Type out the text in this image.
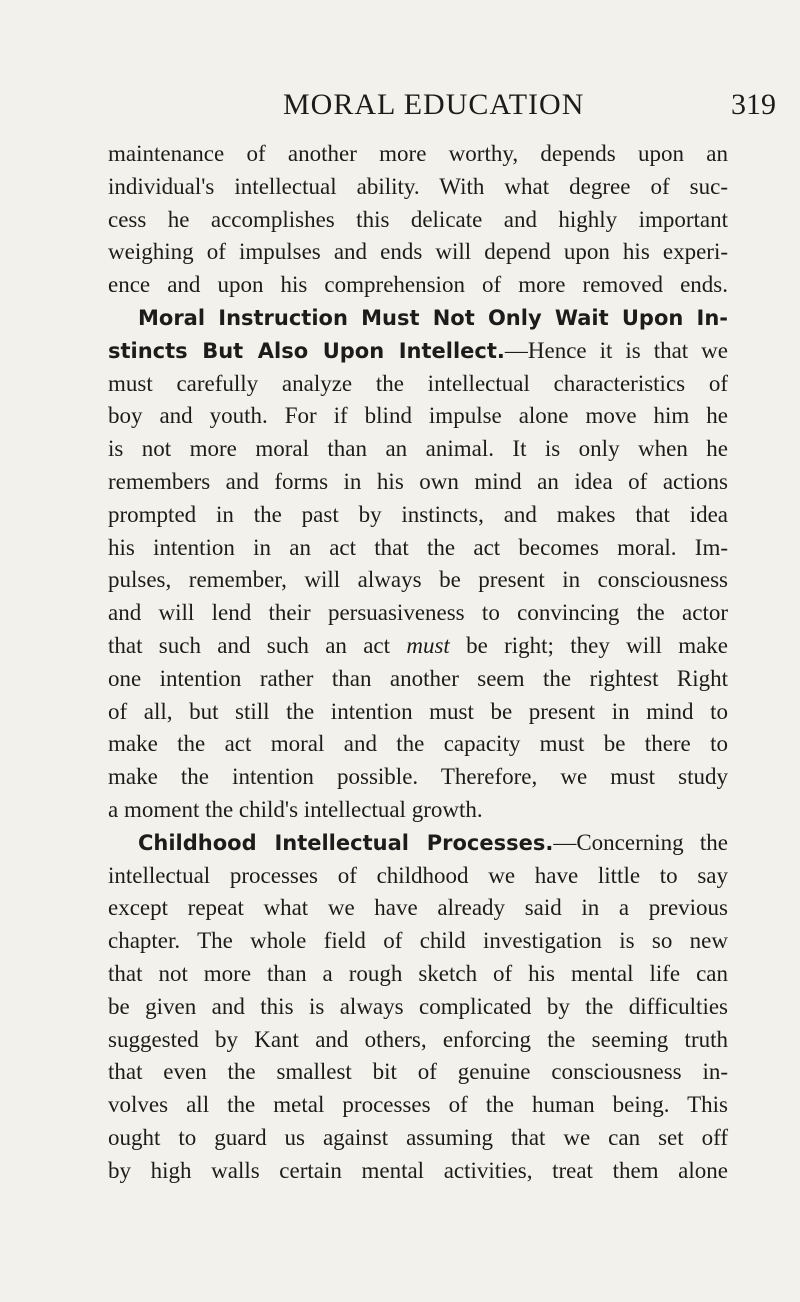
MORAL EDUCATION	319
maintenance of another more worthy, depends upon an
individual's intellectual ability. With what degree of suc-
cess he accomplishes this delicate and highly important
weighing of impulses and ends will depend upon his experi-
ence and upon his comprehension of more removed ends.
Moral Instruction Must Not Only Wait Upon In-
stincts But Also Upon Intellect.—Hence it is that we
must carefully analyze the intellectual characteristics of
boy and youth. For if blind impulse alone move him he
is not more moral than an animal. It is only when he
remembers and forms in his own mind an idea of actions
prompted in the past by instincts, and makes that idea
his intention in an act that the act becomes moral. Im-
pulses, remember, will always be present in consciousness
and will lend their persuasiveness to convincing the actor
that such and such an act must be right; they will make
one intention rather than another seem the rightest Right
of all, but still the intention must be present in mind to
make the act moral and the capacity must be there to
make the intention possible. Therefore, we must study
a moment the child's intellectual growth.
Childhood Intellectual Processes.—Concerning the
intellectual processes of childhood we have little to say
except repeat what we have already said in a previous
chapter. The whole field of child investigation is so new
that not more than a rough sketch of his mental life can
be given and this is always complicated by the difficulties
suggested by Kant and others, enforcing the seeming truth
that even the smallest bit of genuine consciousness in-
volves all the metal processes of the human being. This
ought to guard us against assuming that we can set off
by high walls certain mental activities, treat them alone
